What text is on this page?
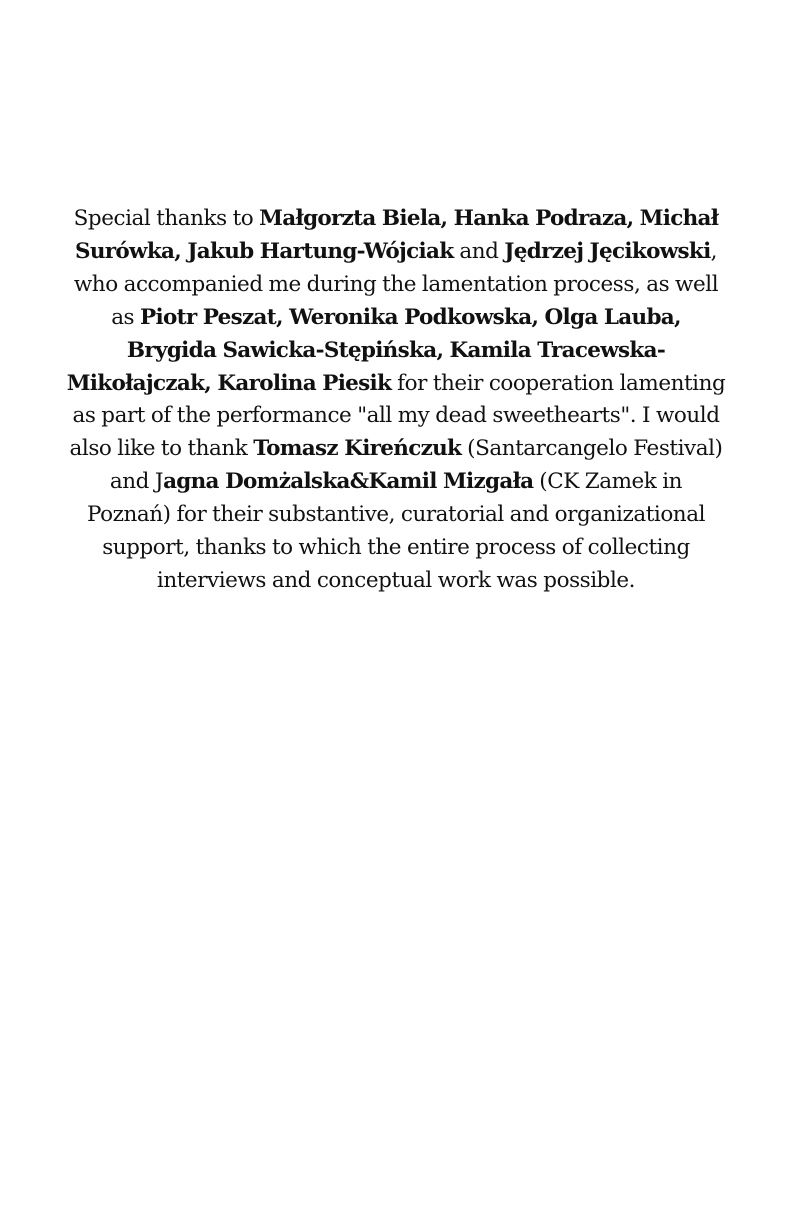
Special thanks to Małgorzta Biela, Hanka Podraza, Michał Surówka, Jakub Hartung-Wójciak and Jędrzej Jęcikowski, who accompanied me during the lamentation process, as well as Piotr Peszat, Weronika Podkowska, Olga Lauba, Brygida Sawicka-Stępińska, Kamila Tracewska-Mikołajczak, Karolina Piesik for their cooperation lamenting as part of the performance "all my dead sweethearts". I would also like to thank Tomasz Kireńczuk (Santarcangelo Festival) and Jagna Domżalska&Kamil Mizgała (CK Zamek in Poznań) for their substantive, curatorial and organizational support, thanks to which the entire process of collecting interviews and conceptual work was possible.
